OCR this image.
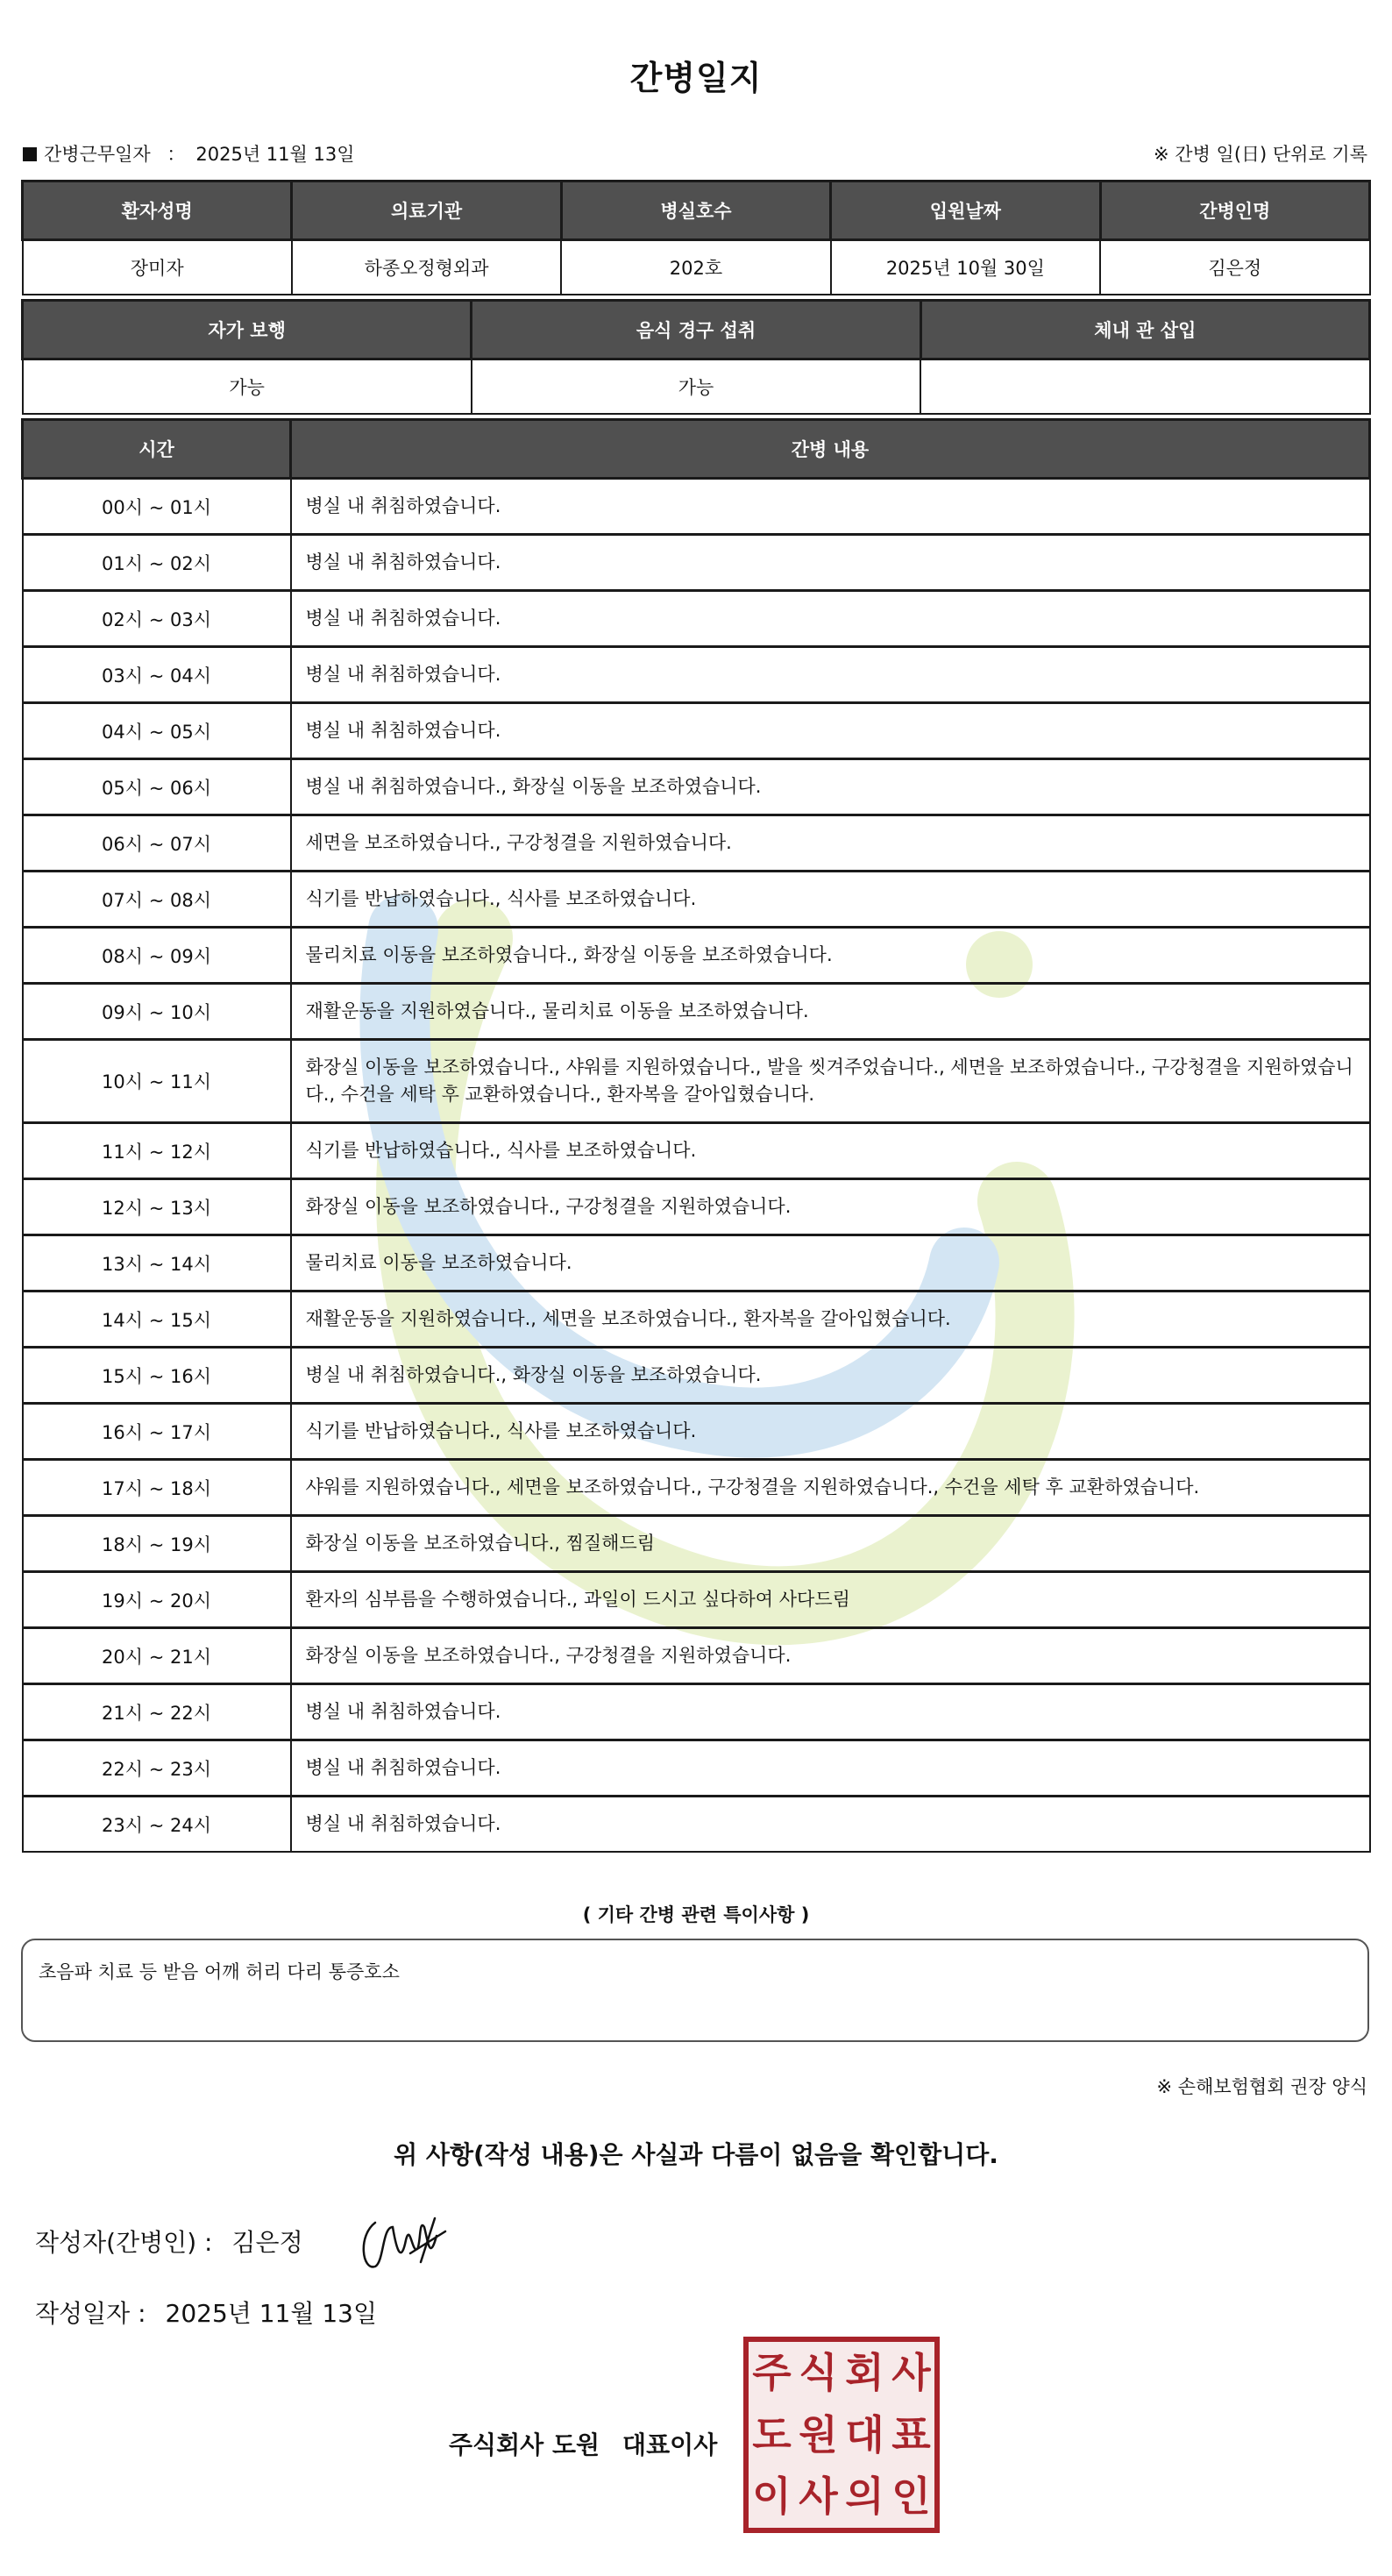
간병일지
간병근무일자 ： 2025년 11월 13일	※ 간병 일(日) 단위로 기록
환자성명	의료기관	병실호수	입원날짜	간병인명
장미자	하종오정형외과	202호	2025년 10월 30일	김은정
자가 보행	음식 경구 섭취	체내 관 삽입
가능	가능	
시간	간병 내용
00시 ~ 01시	병실 내 취침하였습니다.
01시 ~ 02시	병실 내 취침하였습니다.
02시 ~ 03시	병실 내 취침하였습니다.
03시 ~ 04시	병실 내 취침하였습니다.
04시 ~ 05시	병실 내 취침하였습니다.
05시 ~ 06시	병실 내 취침하였습니다., 화장실 이동을 보조하였습니다.
06시 ~ 07시	세면을 보조하였습니다., 구강청결을 지원하였습니다.
07시 ~ 08시	식기를 반납하였습니다., 식사를 보조하였습니다.
08시 ~ 09시	물리치료 이동을 보조하였습니다., 화장실 이동을 보조하였습니다.
09시 ~ 10시	재활운동을 지원하였습니다., 물리치료 이동을 보조하였습니다.
10시 ~ 11시	화장실 이동을 보조하였습니다., 샤워를 지원하였습니다., 발을 씻겨주었습니다., 세면을 보조하였습니다., 구강청결을 지원하였습니다., 수건을 세탁 후 교환하였습니다., 환자복을 갈아입혔습니다.
11시 ~ 12시	식기를 반납하였습니다., 식사를 보조하였습니다.
12시 ~ 13시	화장실 이동을 보조하였습니다., 구강청결을 지원하였습니다.
13시 ~ 14시	물리치료 이동을 보조하였습니다.
14시 ~ 15시	재활운동을 지원하였습니다., 세면을 보조하였습니다., 환자복을 갈아입혔습니다.
15시 ~ 16시	병실 내 취침하였습니다., 화장실 이동을 보조하였습니다.
16시 ~ 17시	식기를 반납하였습니다., 식사를 보조하였습니다.
17시 ~ 18시	샤워를 지원하였습니다., 세면을 보조하였습니다., 구강청결을 지원하였습니다., 수건을 세탁 후 교환하였습니다.
18시 ~ 19시	화장실 이동을 보조하였습니다., 찜질해드림
19시 ~ 20시	환자의 심부름을 수행하였습니다., 과일이 드시고 싶다하여 사다드림
20시 ~ 21시	화장실 이동을 보조하였습니다., 구강청결을 지원하였습니다.
21시 ~ 22시	병실 내 취침하였습니다.
22시 ~ 23시	병실 내 취침하였습니다.
23시 ~ 24시	병실 내 취침하였습니다.
( 기타 간병 관련 특이사항 )
초음파 치료 등 받음 어깨 허리 다리 통증호소
※ 손해보험협회 권장 양식
위 사항(작성 내용)은 사실과 다름이 없음을 확인합니다.
작성자(간병인) : 김은정
작성일자 : 2025년 11월 13일
주식회사 도원 대표이사
주 식 회 사
도 원 대 표
이 사 의 인
